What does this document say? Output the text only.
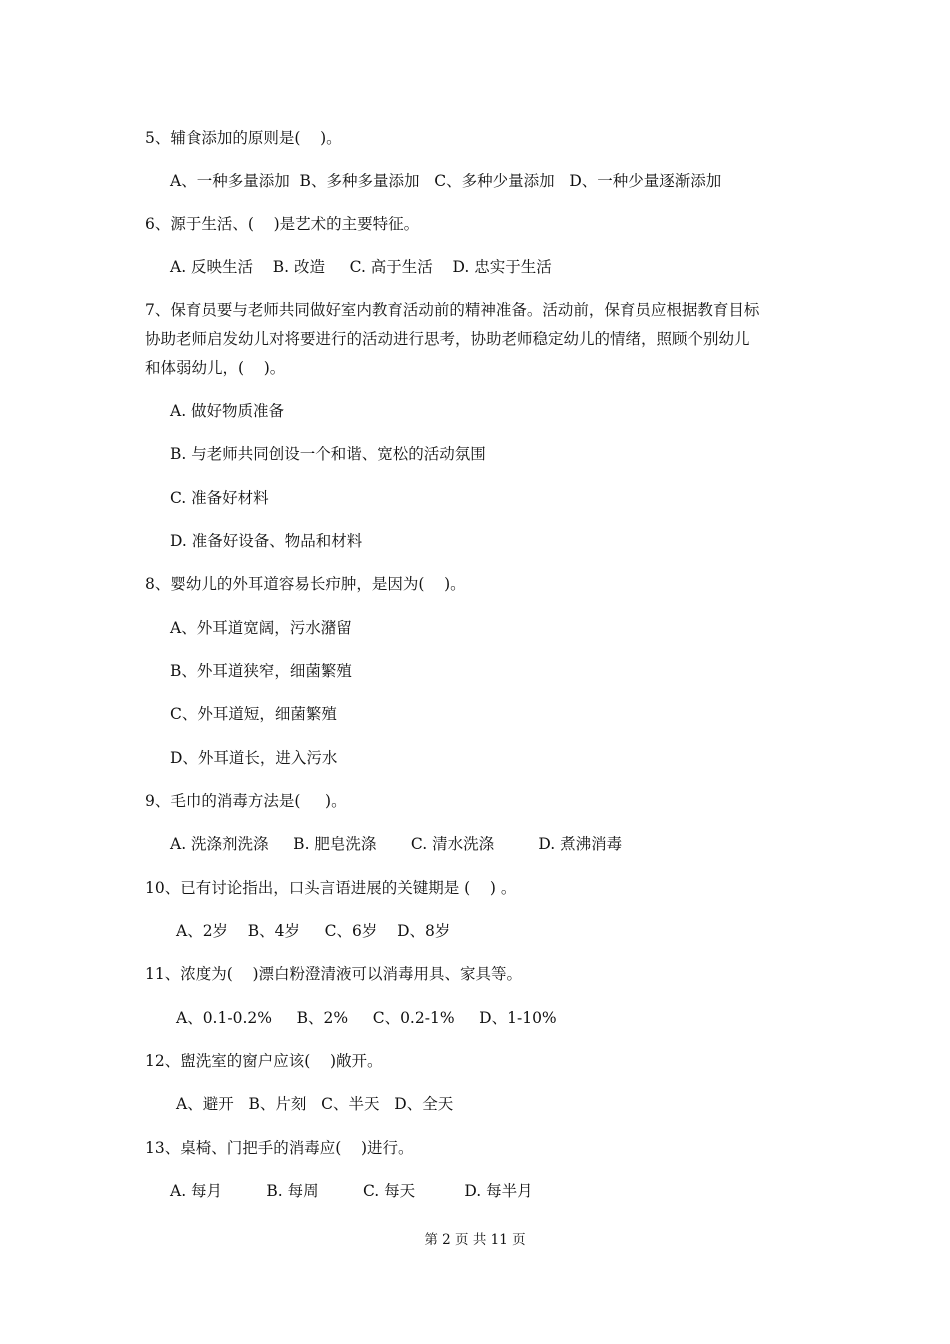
5、辅食添加的原则是(    )。
A、一种多量添加  B、多种多量添加   C、多种少量添加   D、一种少量逐渐添加
6、源于生活、(    )是艺术的主要特征。
A. 反映生活    B. 改造     C. 高于生活    D. 忠实于生活
7、保育员要与老师共同做好室内教育活动前的精神准备。活动前，保育员应根据教育目标
协助老师启发幼儿对将要进行的活动进行思考，协助老师稳定幼儿的情绪，照顾个别幼儿
和体弱幼儿，(    )。
A. 做好物质准备
B. 与老师共同创设一个和谐、宽松的活动氛围
C. 准备好材料
D. 准备好设备、物品和材料
8、婴幼儿的外耳道容易长疖肿，是因为(    )。
A、外耳道宽阔，污水潴留
B、外耳道狭窄，细菌繁殖
C、外耳道短，细菌繁殖
D、外耳道长，进入污水
9、毛巾的消毒方法是(     )。
A. 洗涤剂洗涤     B. 肥皂洗涤       C. 清水洗涤         D. 煮沸消毒
10、已有讨论指出，口头言语进展的关键期是 (    ) 。
A、2岁    B、4岁     C、6岁    D、8岁
11、浓度为(    )漂白粉澄清液可以消毒用具、家具等。
A、0.1-0.2%     B、2%     C、0.2-1%     D、1-10%
12、盥洗室的窗户应该(    )敞开。
A、避开   B、片刻   C、半天   D、全天
13、桌椅、门把手的消毒应(    )进行。
A. 每月         B. 每周         C. 每天          D. 每半月
第 2 页 共 11 页
